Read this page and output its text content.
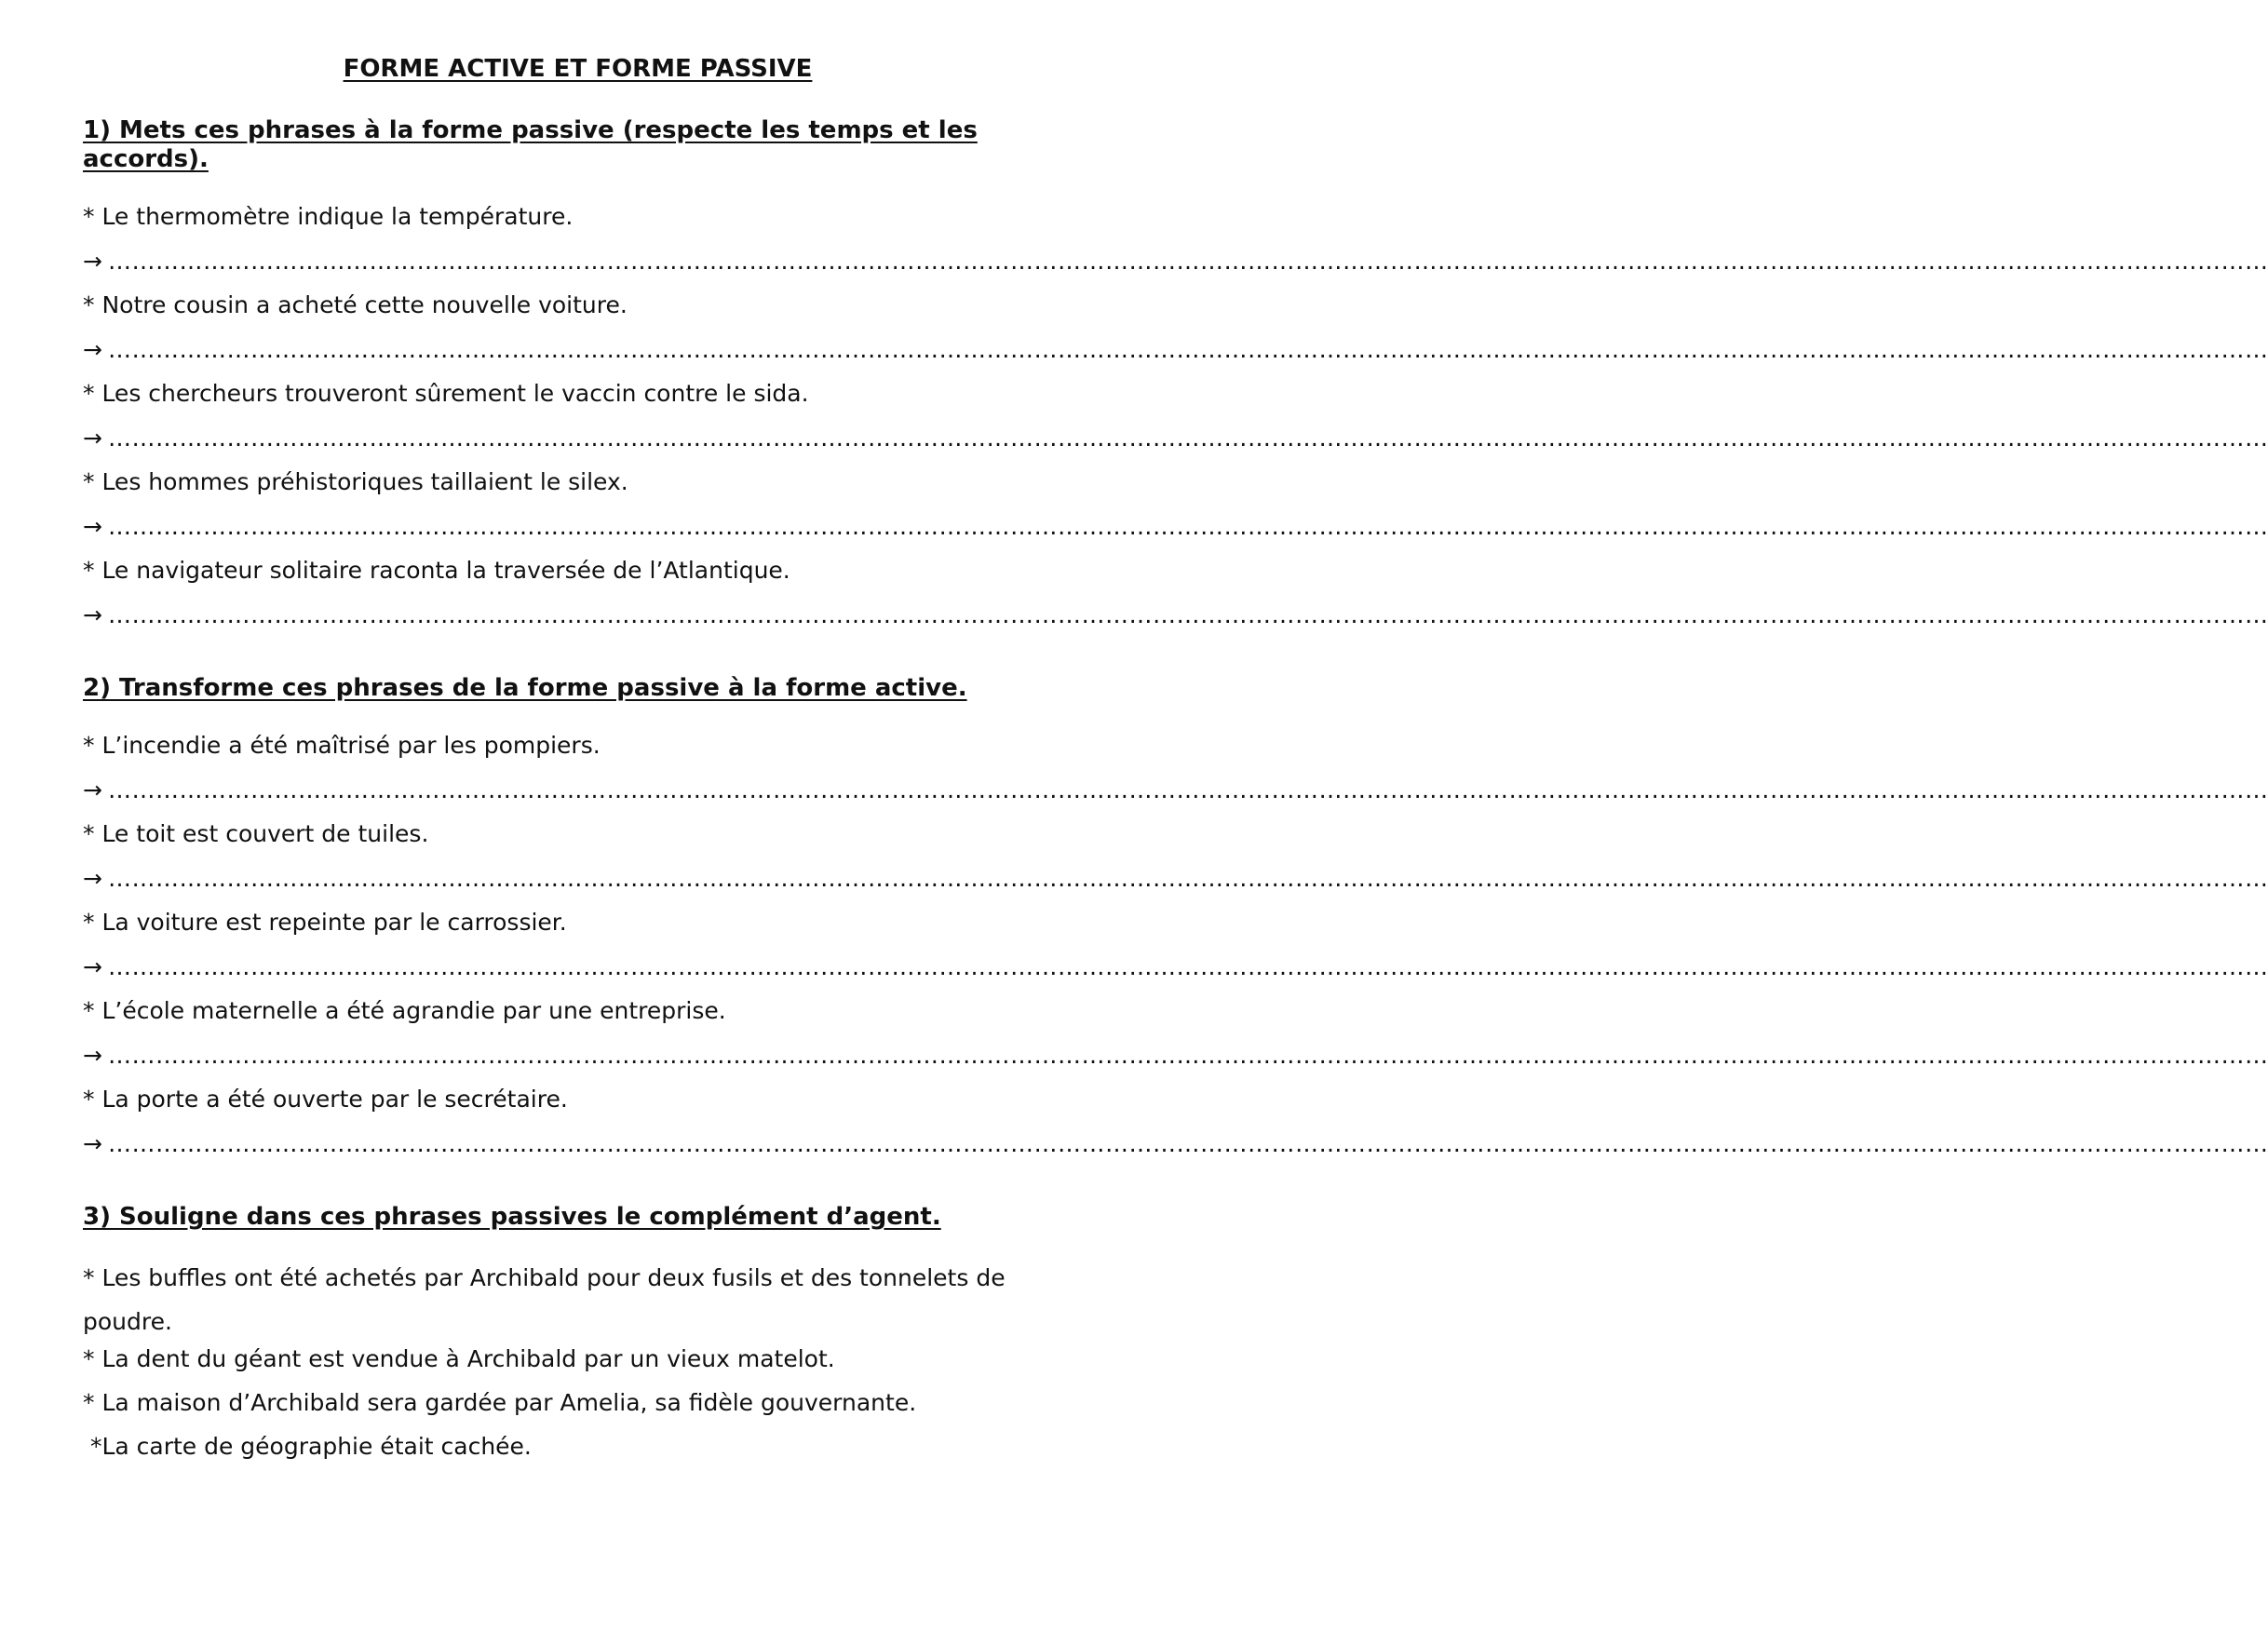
FORME ACTIVE ET FORME PASSIVE
1) Mets ces phrases à la forme passive (respecte les temps et les accords).
* Le thermomètre indique la température.
→ …………………………………………………………………………………………………………………………………………………………………………………………………………………………………………………
* Notre cousin a acheté cette nouvelle voiture.
→ …………………………………………………………………………………………………………………………………………………………………………………………………………………………………………………
* Les chercheurs trouveront sûrement le vaccin contre le sida.
→ …………………………………………………………………………………………………………………………………………………………………………………………………………………………………………………
* Les hommes préhistoriques taillaient le silex.
→ …………………………………………………………………………………………………………………………………………………………………………………………………………………………………………………
* Le navigateur solitaire raconta la traversée de l’Atlantique.
→ …………………………………………………………………………………………………………………………………………………………………………………………………………………………………………………
2) Transforme ces phrases de la forme passive à la forme active.
* L’incendie a été maîtrisé par les pompiers.
→ …………………………………………………………………………………………………………………………………………………………………………………………………………………………………………………
* Le toit est couvert de tuiles.
→ …………………………………………………………………………………………………………………………………………………………………………………………………………………………………………………
* La voiture est repeinte par le carrossier.
→ …………………………………………………………………………………………………………………………………………………………………………………………………………………………………………………
* L’école maternelle a été agrandie par une entreprise.
→ …………………………………………………………………………………………………………………………………………………………………………………………………………………………………………………
* La porte a été ouverte par le secrétaire.
→ …………………………………………………………………………………………………………………………………………………………………………………………………………………………………………………
3) Souligne dans ces phrases passives le complément d’agent.
* Les buffles ont été achetés par Archibald pour deux fusils et des tonnelets de poudre.
* La dent du géant est vendue à Archibald par un vieux matelot.
* La maison d’Archibald sera gardée par Amelia, sa fidèle gouvernante.
*La carte de géographie était cachée.
